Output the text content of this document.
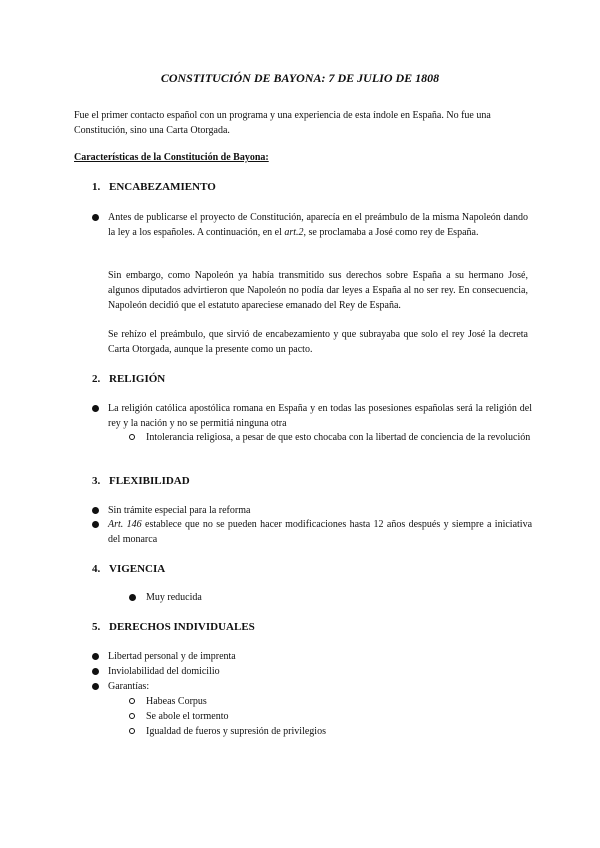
CONSTITUCIÓN DE BAYONA: 7 DE JULIO DE 1808
Fue el primer contacto español con un programa y una experiencia de esta índole en España. No fue una Constitución, sino una Carta Otorgada.
Características de la Constitución de Bayona:
1. ENCABEZAMIENTO
Antes de publicarse el proyecto de Constitución, aparecía en el preámbulo de la misma Napoleón dando la ley a los españoles. A continuación, en el art.2, se proclamaba a José como rey de España.
Sin embargo, como Napoleón ya había transmitido sus derechos sobre España a su hermano José, algunos diputados advirtieron que Napoleón no podía dar leyes a España al no ser rey. En consecuencia, Napoleón decidió que el estatuto apareciese emanado del Rey de España.
Se rehízo el preámbulo, que sirvió de encabezamiento y que subrayaba que solo el rey José la decreta Carta Otorgada, aunque la presente como un pacto.
2. RELIGIÓN
La religión católica apostólica romana en España y en todas las posesiones españolas será la religión del rey y la nación y no se permitiá ninguna otra
Intolerancia religiosa, a pesar de que esto chocaba con la libertad de conciencia de la revolución
3. FLEXIBILIDAD
Sin trámite especial para la reforma
Art. 146 establece que no se pueden hacer modificaciones hasta 12 años después y siempre a iniciativa del monarca
4. VIGENCIA
Muy reducida
5. DERECHOS INDIVIDUALES
Libertad personal y de imprenta
Inviolabilidad del domicilio
Garantías:
Habeas Corpus
Se abole el tormento
Igualdad de fueros y supresión de privilegios
